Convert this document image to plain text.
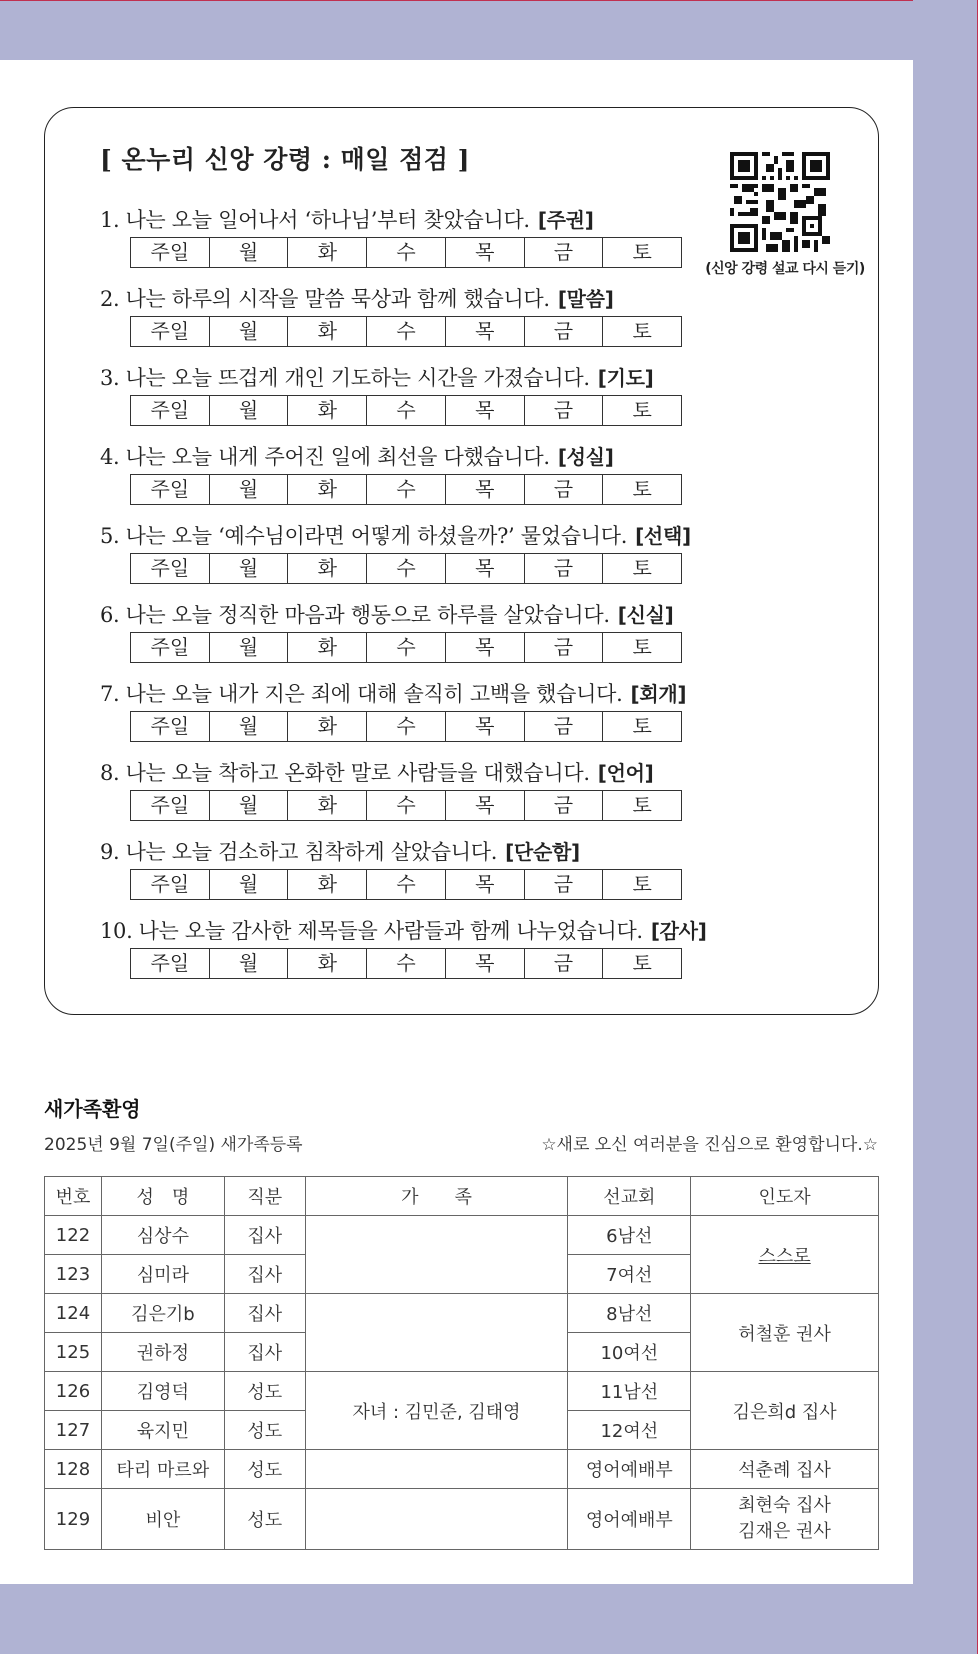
[ 온누리 신앙 강령 : 매일 점검 ]
(신앙 강령 설교 다시 듣기)
1. 나는 오늘 일어나서 ‘하나님’부터 찾았습니다. [주권]
주일	월	화	수	목	금	토
2. 나는 하루의 시작을 말씀 묵상과 함께 했습니다. [말씀]
주일	월	화	수	목	금	토
3. 나는 오늘 뜨겁게 개인 기도하는 시간을 가졌습니다. [기도]
주일	월	화	수	목	금	토
4. 나는 오늘 내게 주어진 일에 최선을 다했습니다. [성실]
주일	월	화	수	목	금	토
5. 나는 오늘 ‘예수님이라면 어떻게 하셨을까?’ 물었습니다. [선택]
주일	월	화	수	목	금	토
6. 나는 오늘 정직한 마음과 행동으로 하루를 살았습니다. [신실]
주일	월	화	수	목	금	토
7. 나는 오늘 내가 지은 죄에 대해 솔직히 고백을 했습니다. [회개]
주일	월	화	수	목	금	토
8. 나는 오늘 착하고 온화한 말로 사람들을 대했습니다. [언어]
주일	월	화	수	목	금	토
9. 나는 오늘 검소하고 침착하게 살았습니다. [단순함]
주일	월	화	수	목	금	토
10. 나는 오늘 감사한 제목들을 사람들과 함께 나누었습니다. [감사]
주일	월	화	수	목	금	토
새가족환영
2025년 9월 7일(주일) 새가족등록	☆새로 오신 여러분을 진심으로 환영합니다.☆
번호	성　명	직분	가　　족	선교회	인도자
122	심상수	집사		6남선	스스로
123	심미라	집사		7여선	
124	김은기b	집사		8남선	허철훈 권사
125	권하정	집사		10여선	
126	김영덕	성도	자녀 : 김민준, 김태영	11남선	김은희d 집사
127	육지민	성도		12여선	
128	타리 마르와	성도		영어예배부	석춘례 집사
129	비안	성도		영어예배부	최현숙 집사
김재은 권사
